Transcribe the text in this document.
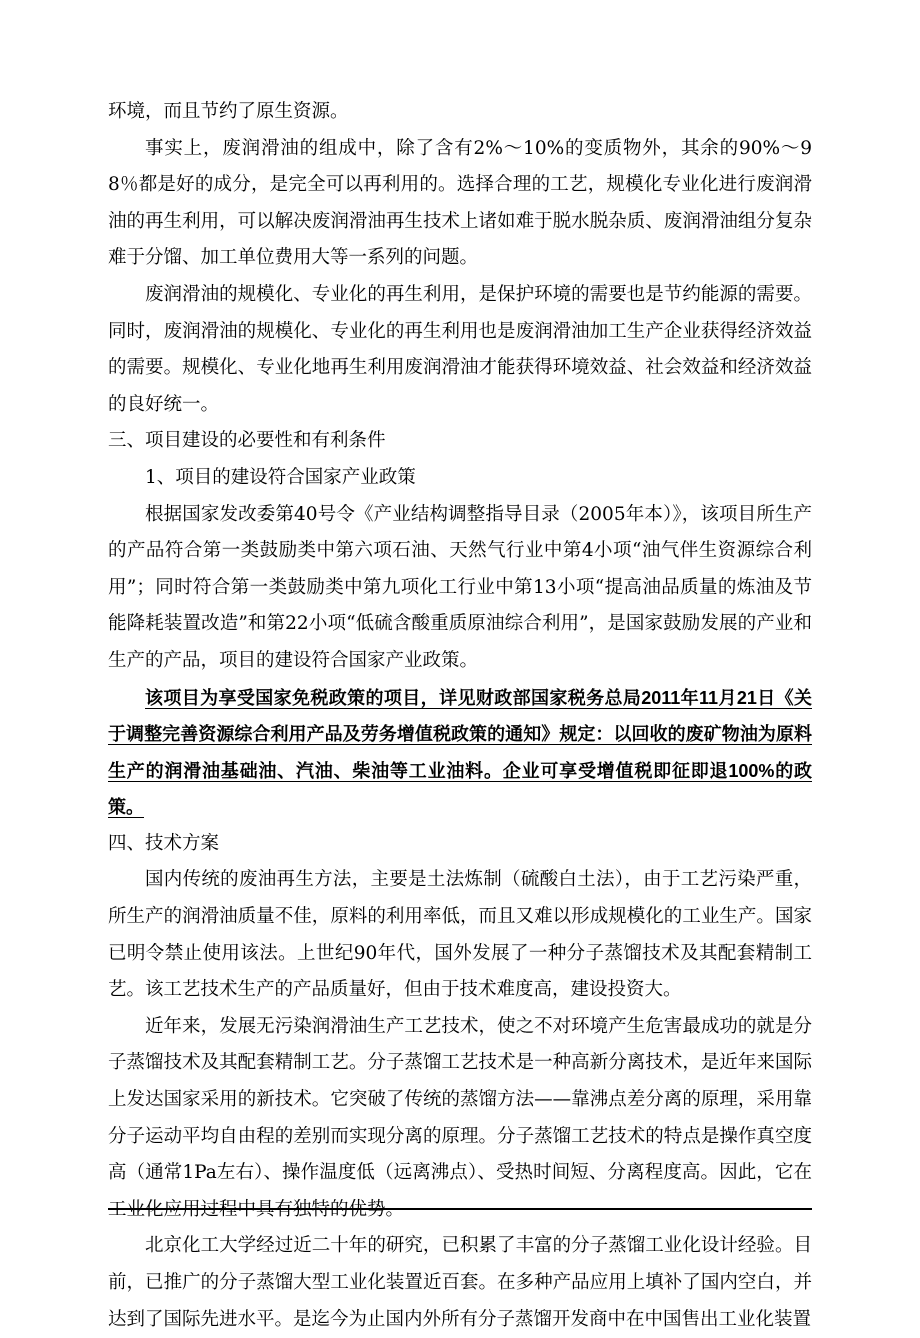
环境，而且节约了原生资源。

事实上，废润滑油的组成中，除了含有2%～10%的变质物外，其余的90%～98％都是好的成分，是完全可以再利用的。选择合理的工艺，规模化专业化进行废润滑油的再生利用，可以解决废润滑油再生技术上诸如难于脱水脱杂质、废润滑油组分复杂难于分馏、加工单位费用大等一系列的问题。

废润滑油的规模化、专业化的再生利用，是保护环境的需要也是节约能源的需要。同时，废润滑油的规模化、专业化的再生利用也是废润滑油加工生产企业获得经济效益的需要。规模化、专业化地再生利用废润滑油才能获得环境效益、社会效益和经济效益的良好统一。

三、项目建设的必要性和有利条件

1、项目的建设符合国家产业政策

根据国家发改委第40号令《产业结构调整指导目录（2005年本）》，该项目所生产的产品符合第一类鼓励类中第六项石油、天然气行业中第4小项“油气伴生资源综合利用”；同时符合第一类鼓励类中第九项化工行业中第13小项“提高油品质量的炼油及节能降耗装置改造”和第22小项“低硫含酸重质原油综合利用”，是国家鼓励发展的产业和生产的产品，项目的建设符合国家产业政策。

该项目为享受国家免税政策的项目，详见财政部国家税务总局2011年11月21日《关于调整完善资源综合利用产品及劳务增值税政策的通知》规定：以回收的废矿物油为原料生产的润滑油基础油、汽油、柴油等工业油料。企业可享受增值税即征即退100%的政策。

四、技术方案

国内传统的废油再生方法，主要是土法炼制（硫酸白土法），由于工艺污染严重，所生产的润滑油质量不佳，原料的利用率低，而且又难以形成规模化的工业生产。国家已明令禁止使用该法。上世纪90年代，国外发展了一种分子蒸馏技术及其配套精制工艺。该工艺技术生产的产品质量好，但由于技术难度高，建设投资大。

近年来，发展无污染润滑油生产工艺技术，使之不对环境产生危害最成功的就是分子蒸馏技术及其配套精制工艺。分子蒸馏工艺技术是一种高新分离技术，是近年来国际上发达国家采用的新技术。它突破了传统的蒸馏方法——靠沸点差分离的原理，采用靠分子运动平均自由程的差别而实现分离的原理。分子蒸馏工艺技术的特点是操作真空度高（通常1Pa左右）、操作温度低（远离沸点）、受热时间短、分离程度高。因此，它在工业化应用过程中具有独特的优势。

北京化工大学经过近二十年的研究，已积累了丰富的分子蒸馏工业化设计经验。目前，已推广的分子蒸馏大型工业化装置近百套。在多种产品应用上填补了国内空白，并达到了国际先进水平。是迄今为止国内外所有分子蒸馏开发商中在中国售出工业化装置
